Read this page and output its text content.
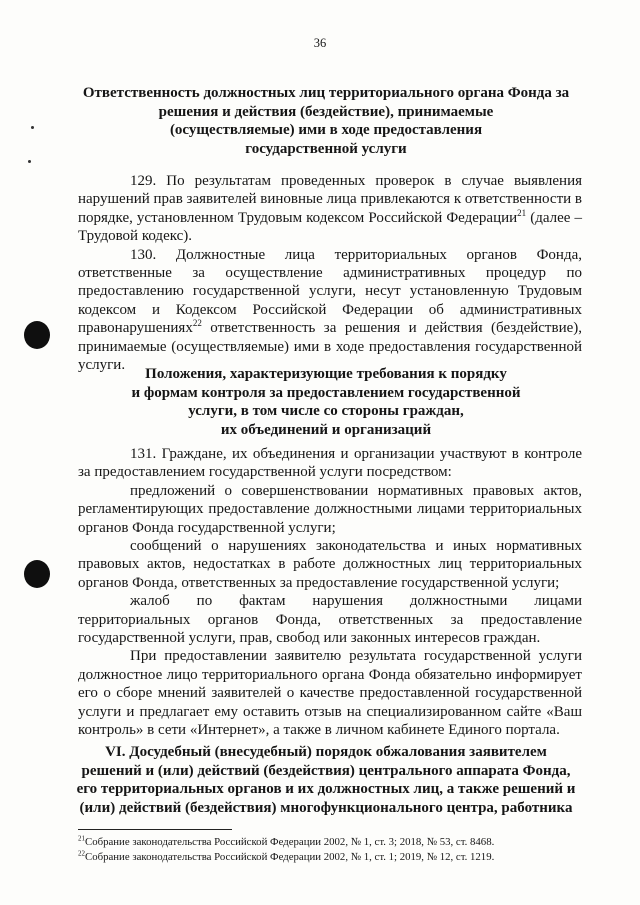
36
Ответственность должностных лиц территориального органа Фонда за
решения и действия (бездействие), принимаемые
(осуществляемые) ими в ходе предоставления
государственной услуги

129. По результатам проведенных проверок в случае выявления нарушений прав заявителей виновные лица привлекаются к ответственности в порядке, установленном Трудовым кодексом Российской Федерации$^{21}$ (далее – Трудовой кодекс).

130. Должностные лица территориальных органов Фонда, ответственные за осуществление административных процедур по предоставлению государственной услуги, несут установленную Трудовым кодексом и Кодексом Российской Федерации об административных правонарушениях$^{22}$ ответственность за решения и действия (бездействие), принимаемые (осуществляемые) ими в ходе предоставления государственной услуги.

Положения, характеризующие требования к порядку
и формам контроля за предоставлением государственной
услуги, в том числе со стороны граждан,
их объединений и организаций

131. Граждане, их объединения и организации участвуют в контроле за предоставлением государственной услуги посредством:

предложений о совершенствовании нормативных правовых актов, регламентирующих предоставление должностными лицами территориальных органов Фонда государственной услуги;

сообщений о нарушениях законодательства и иных нормативных правовых актов, недостатках в работе должностных лиц территориальных органов Фонда, ответственных за предоставление государственной услуги;

жалоб по фактам нарушения должностными лицами территориальных органов Фонда, ответственных за предоставление государственной услуги, прав, свобод или законных интересов граждан.

При предоставлении заявителю результата государственной услуги должностное лицо территориального органа Фонда обязательно информирует его о сборе мнений заявителей о качестве предоставленной государственной услуги и предлагает ему оставить отзыв на специализированном сайте «Ваш контроль» в сети «Интернет», а также в личном кабинете Единого портала.

VI. Досудебный (внесудебный) порядок обжалования заявителем
решений и (или) действий (бездействия) центрального аппарата Фонда,
его территориальных органов и их должностных лиц, а также решений и
(или) действий (бездействия) многофункционального центра, работника

$^{21}$Собрание законодательства Российской Федерации 2002, № 1, ст. 3; 2018, № 53, ст. 8468.

$^{22}$Собрание законодательства Российской Федерации 2002, № 1, ст. 1; 2019, № 12, ст. 1219.
